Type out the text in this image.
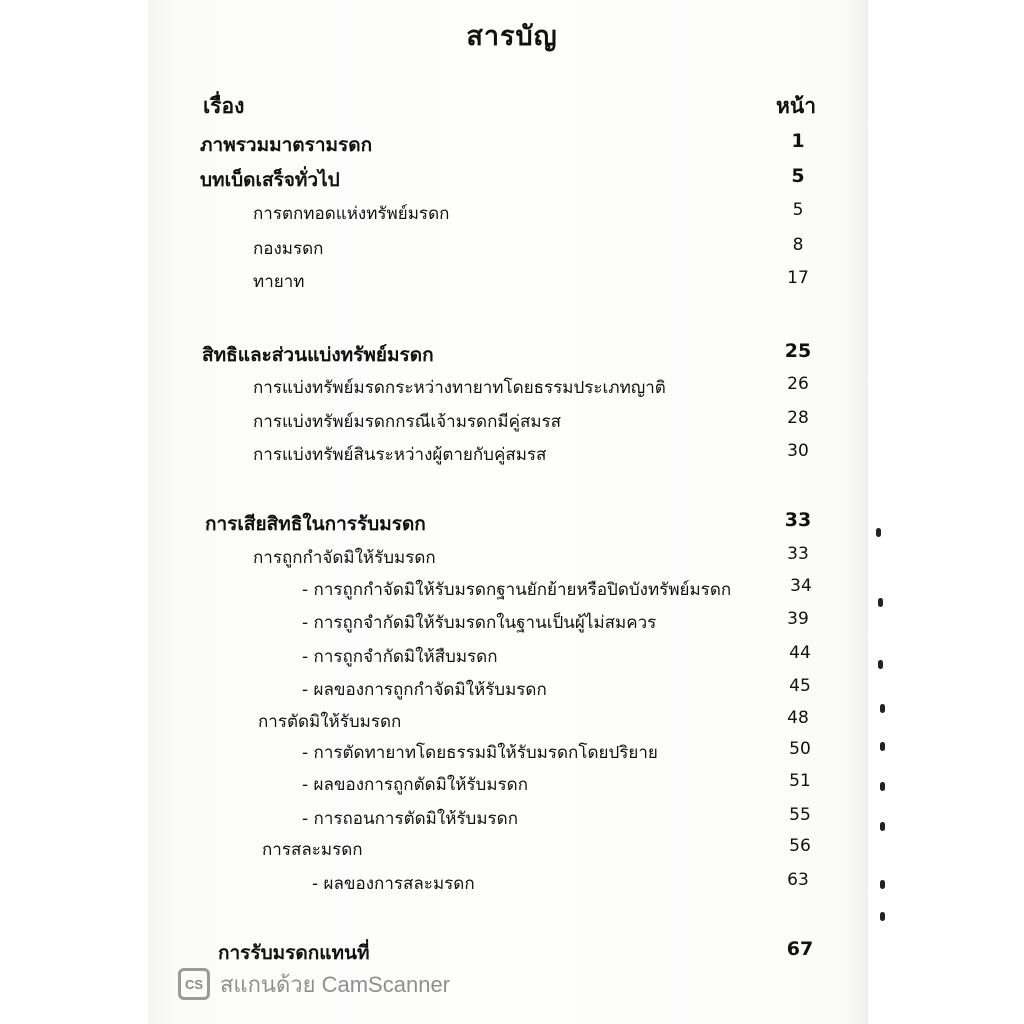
สารบัญ
เรื่อง	หน้า
ภาพรวมมาตรามรดก	1
บทเบ็ดเสร็จทั่วไป	5
การตกทอดแห่งทรัพย์มรดก	5
กองมรดก	8
ทายาท	17
สิทธิและส่วนแบ่งทรัพย์มรดก	25
การแบ่งทรัพย์มรดกระหว่างทายาทโดยธรรมประเภทญาติ	26
การแบ่งทรัพย์มรดกกรณีเจ้ามรดกมีคู่สมรส	28
การแบ่งทรัพย์สินระหว่างผู้ตายกับคู่สมรส	30
การเสียสิทธิในการรับมรดก	33
การถูกกำจัดมิให้รับมรดก	33
- การถูกกำจัดมิให้รับมรดกฐานยักย้ายหรือปิดบังทรัพย์มรดก	34
- การถูกจำกัดมิให้รับมรดกในฐานเป็นผู้ไม่สมควร	39
- การถูกจำกัดมิให้สืบมรดก	44
- ผลของการถูกกำจัดมิให้รับมรดก	45
การตัดมิให้รับมรดก	48
- การตัดทายาทโดยธรรมมิให้รับมรดกโดยปริยาย	50
- ผลของการถูกตัดมิให้รับมรดก	51
- การถอนการตัดมิให้รับมรดก	55
การสละมรดก	56
- ผลของการสละมรดก	63
การรับมรดกแทนที่	67
CS สแกนด้วย CamScanner
